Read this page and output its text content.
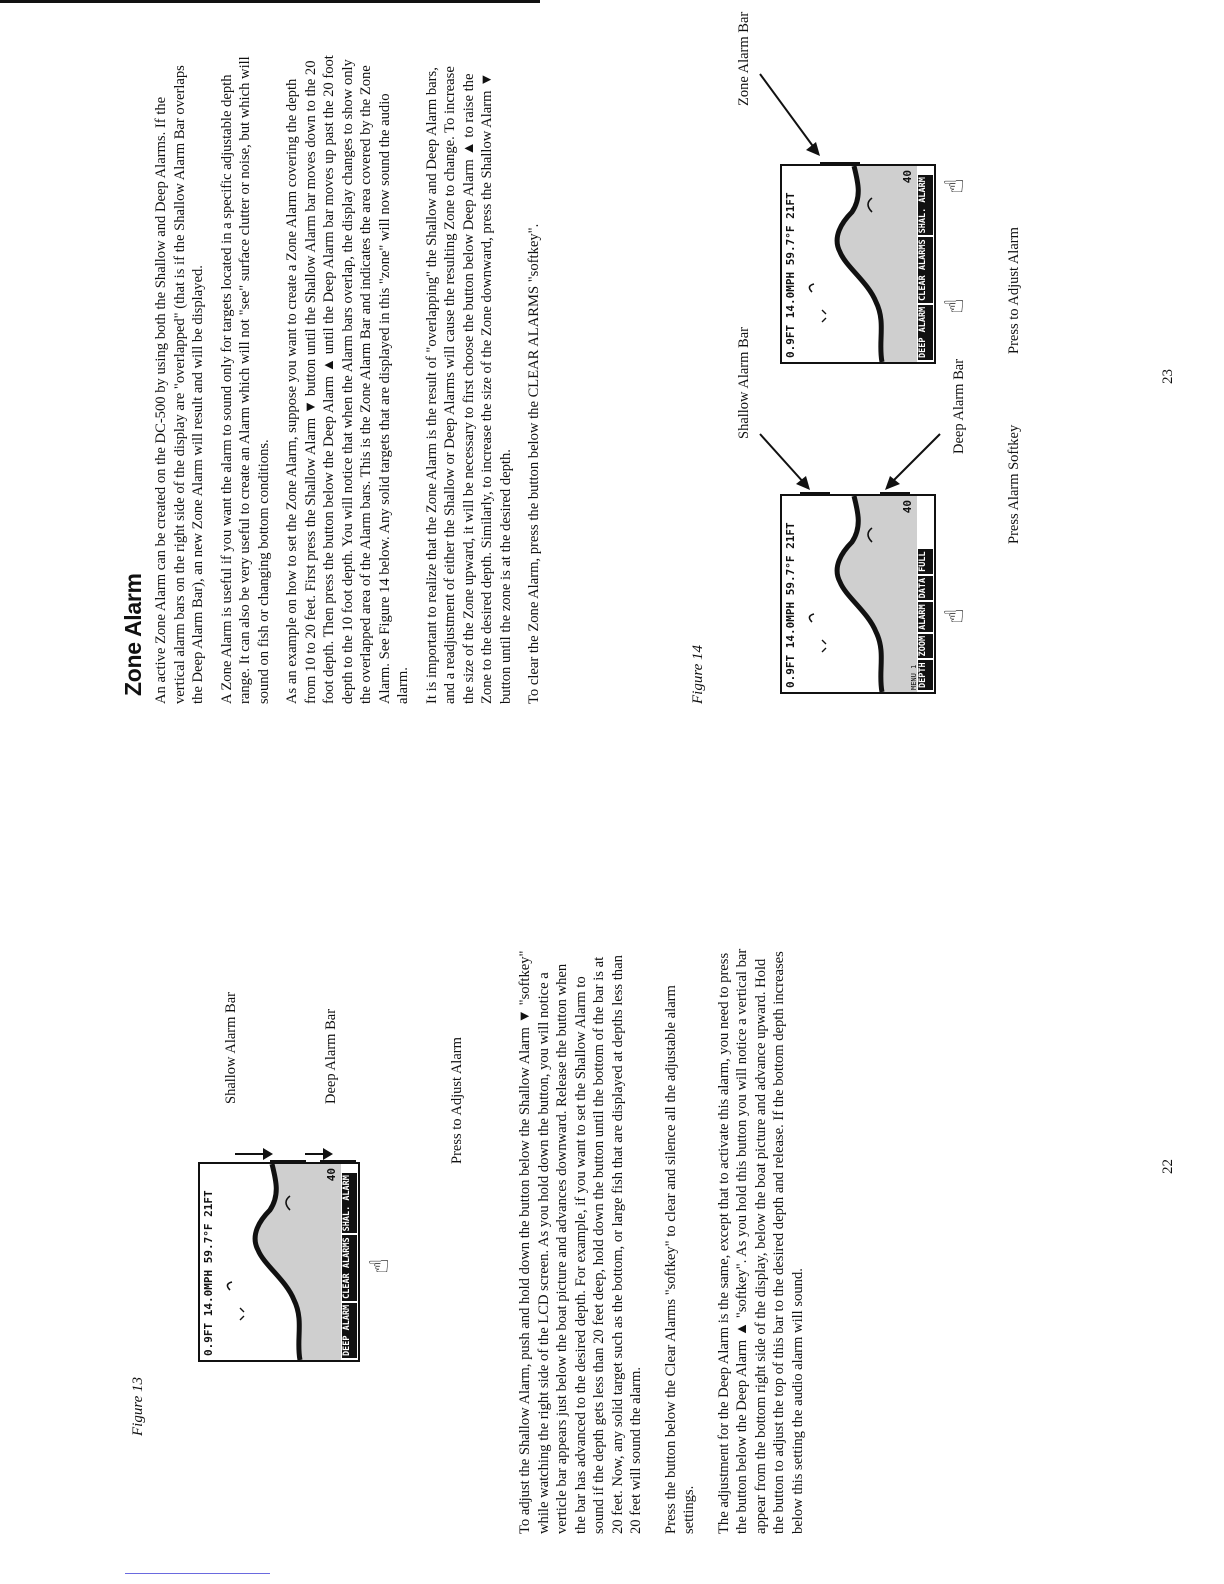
Figure 13
0.9FT 14.0MPH 59.7°F 21FT
40
DEEP ALARM
CLEAR ALARMS
SHAL. ALARM
Shallow Alarm Bar	Deep Alarm Bar
☝
Press to Adjust Alarm	To adjust the Shallow Alarm, push and hold down the button below the Shallow Alarm ▼ "softkey" while watching the right side of the LCD screen. As you hold down the button, you will notice a verticle bar appears just below the boat picture and advances downward. Release the button when the bar has advanced to the desired depth. For example, if you want to set the Shallow Alarm to sound if the depth gets less than 20 feet deep, hold down the button until the bottom of the bar is at 20 feet. Now, any solid target such as the bottom, or large fish that are displayed at depths less than 20 feet will sound the alarm. Press the button below the Clear Alarms "softkey" to clear and silence all the adjustable alarm settings. The adjustment for the Deep Alarm is the same, except that to activate this alarm, you need to press the button below the Deep Alarm ▲ "softkey". As you hold this button you will notice a vertical bar appear from the bottom right side of the display, below the boat picture and advance upward. Hold the button to adjust the top of this bar to the desired depth and release. If the bottom depth increases below this setting the audio alarm will sound.

22
Zone Alarm An active Zone Alarm can be created on the DC-500 by using both the Shallow and Deep Alarms. If the vertical alarm bars on the right side of the display are "overlapped" (that is if the Shallow Alarm Bar overlaps the Deep Alarm Bar), an new Zone Alarm will result and will be displayed. A Zone Alarm is useful if you want the alarm to sound only for targets located in a specific adjustable depth range. It can also be very useful to create an Alarm which will not "see" surface clutter or noise, but which will sound on fish or changing bottom conditions. As an example on how to set the Zone Alarm, suppose you want to create a Zone Alarm covering the depth from 10 to 20 feet. First press the Shallow Alarm ▼ button until the Shallow Alarm bar moves down to the 20 foot depth. Then press the button below the Deep Alarm ▲ until the Deep Alarm bar moves up past the 20 foot depth to the 10 foot depth. You will notice that when the Alarm bars overlap, the display changes to show only the overlapped area of the Alarm bars. This is the Zone Alarm Bar and indicates the area covered by the Zone Alarm. See Figure 14 below. Any solid targets that are displayed in this "zone" will now sound the audio alarm. It is important to realize that the Zone Alarm is the result of "overlapping" the Shallow and Deep Alarm bars, and a readjustment of either the Shallow or Deep Alarms will cause the resulting Zone to change. To increase the size of the Zone upward, it will be necessary to first choose the button below Deep Alarm ▲ to raise the Zone to the desired depth. Similarly, to increase the size of the Zone downward, press the Shallow Alarm ▼ button until the zone is at the desired depth. To clear the Zone Alarm, press the button below the CLEAR ALARMS "softkey".	Figure 14	0.9FT 14.0MPH 59.7°F 21FT
40
MENU 1 DEPTH
ZOOM
ALARM
DATA
FULL
Shallow Alarm Bar	Deep Alarm Bar
☝
Press Alarm Softkey
0.9FT 14.0MPH 59.7°F 21FT
40
DEEP ALARM
CLEAR ALARMS
SHAL. ALARM
Zone Alarm Bar
☝
☝
Press to Adjust Alarm
23
